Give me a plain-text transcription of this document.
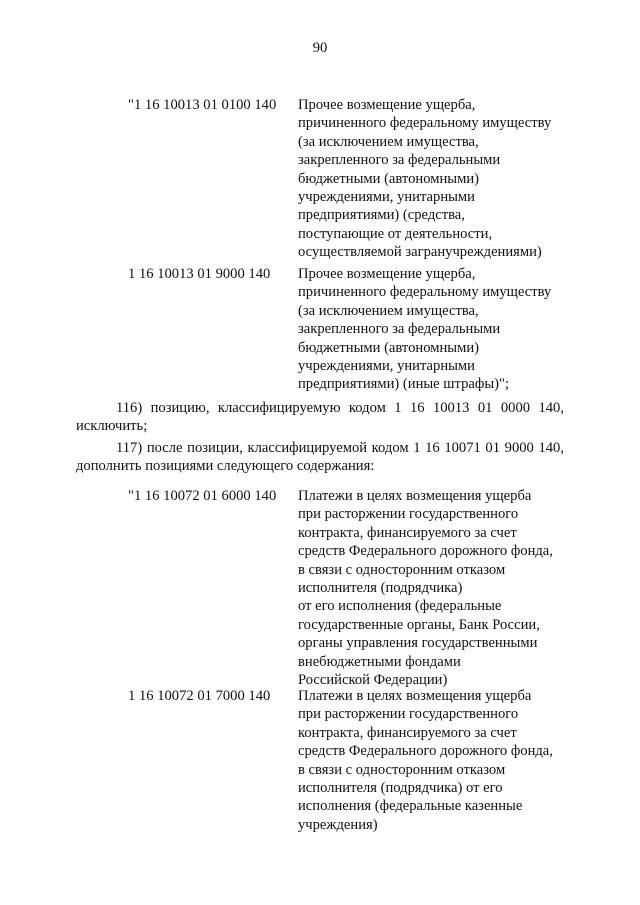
90
"1 16 10013 01 0100 140 Прочее возмещение ущерба,
причиненного федеральному имуществу
(за исключением имущества,
закрепленного за федеральными
бюджетными (автономными)
учреждениями, унитарными
предприятиями) (средства,
поступающие от деятельности,
осуществляемой загранучреждениями)
1 16 10013 01 9000 140 Прочее возмещение ущерба,
причиненного федеральному имуществу
(за исключением имущества,
закрепленного за федеральными
бюджетными (автономными)
учреждениями, унитарными
предприятиями) (иные штрафы)";
116) позицию, классифицируемую кодом 1 16 10013 01 0000 140,
исключить;
117) после позиции, классифицируемой кодом 1 16 10071 01 9000 140,
дополнить позициями следующего содержания:
"1 16 10072 01 6000 140 Платежи в целях возмещения ущерба
при расторжении государственного
контракта, финансируемого за счет
средств Федерального дорожного фонда,
в связи с односторонним отказом
исполнителя (подрядчика)
от его исполнения (федеральные
государственные органы, Банк России,
органы управления государственными
внебюджетными фондами
Российской Федерации)
1 16 10072 01 7000 140 Платежи в целях возмещения ущерба
при расторжении государственного
контракта, финансируемого за счет
средств Федерального дорожного фонда,
в связи с односторонним отказом
исполнителя (подрядчика) от его
исполнения (федеральные казенные
учреждения)
